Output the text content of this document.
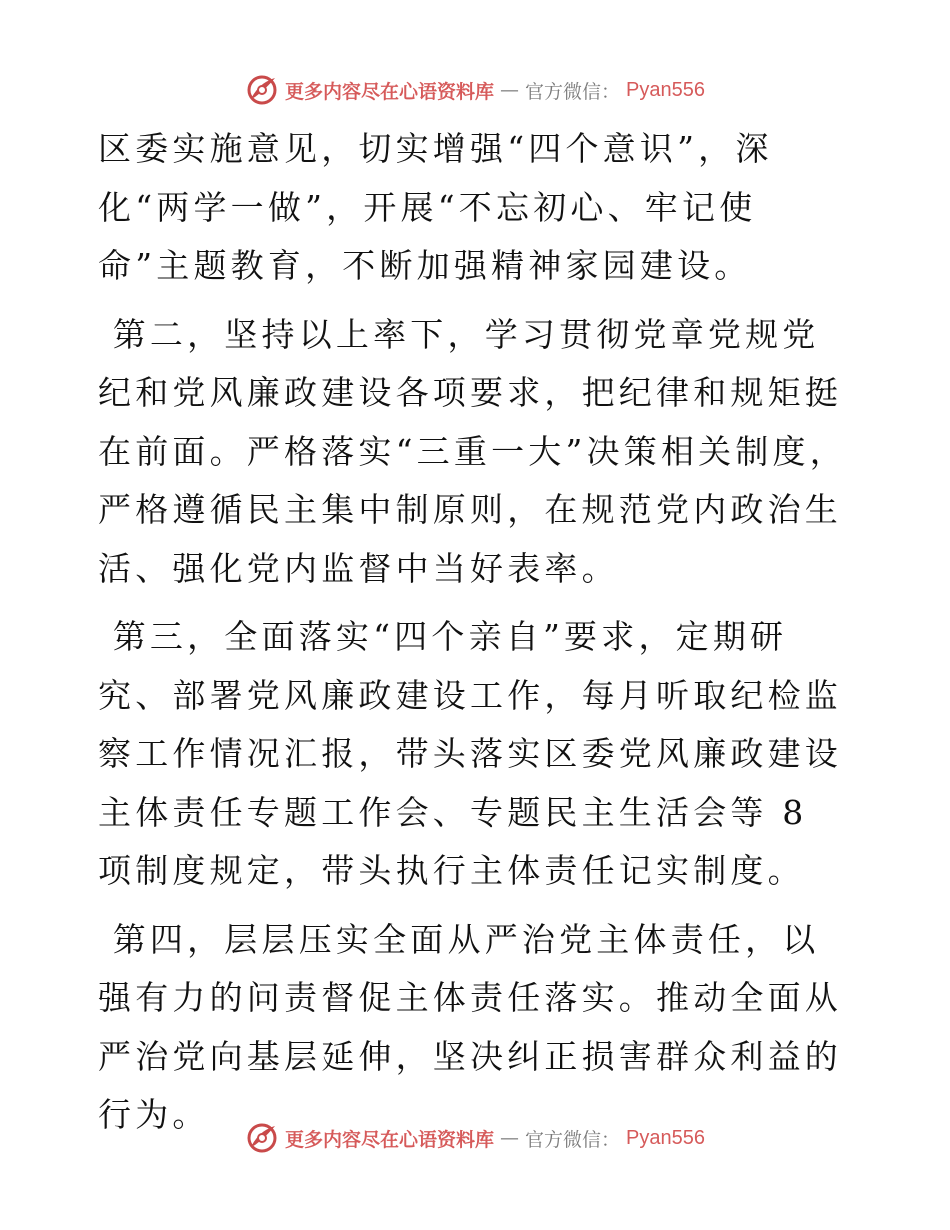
更多内容尽在心语资料库 — 官方微信： Pyan556

区委实施意见，切实增强“四个意识”，深化“两学一做”，开展“不忘初心、牢记使命”主题教育，不断加强精神家园建设。

第二，坚持以上率下，学习贯彻党章党规党纪和党风廉政建设各项要求，把纪律和规矩挺在前面。严格落实“三重一大”决策相关制度，严格遵循民主集中制原则，在规范党内政治生活、强化党内监督中当好表率。

第三，全面落实“四个亲自”要求，定期研究、部署党风廉政建设工作，每月听取纪检监察工作情况汇报，带头落实区委党风廉政建设主体责任专题工作会、专题民主生活会等 8 项制度规定，带头执行主体责任记实制度。

第四，层层压实全面从严治党主体责任，以强有力的问责督促主体责任落实。推动全面从严治党向基层延伸，坚决纠正损害群众利益的行为。

更多内容尽在心语资料库 — 官方微信： Pyan556
